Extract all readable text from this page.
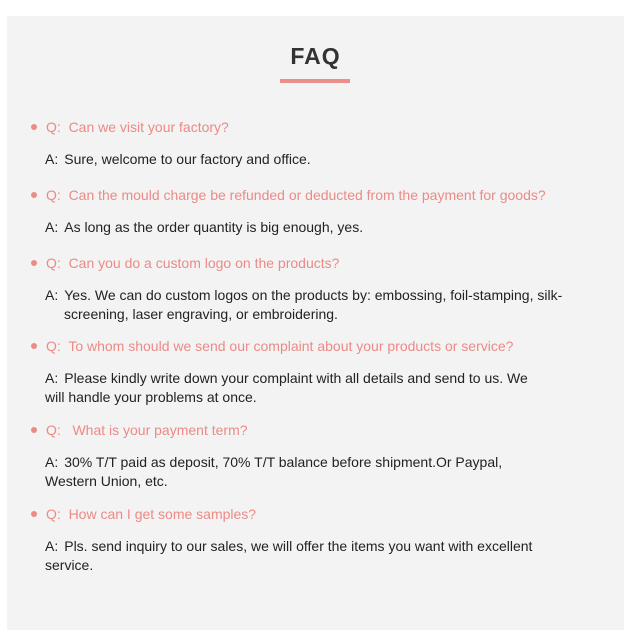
FAQ
Q: Can we visit your factory?
A: Sure, welcome to our factory and office.
Q: Can the mould charge be refunded or deducted from the payment for goods?
A: As long as the order quantity is big enough, yes.
Q: Can you do a custom logo on the products?
A: Yes. We can do custom logos on the products by: embossing, foil-stamping, silk-screening, laser engraving, or embroidering.
Q: To whom should we send our complaint about your products or service?
A: Please kindly write down your complaint with all details and send to us. We will handle your problems at once.
Q: What is your payment term?
A: 30% T/T paid as deposit, 70% T/T balance before shipment.Or Paypal, Western Union, etc.
Q: How can I get some samples?
A: Pls. send inquiry to our sales, we will offer the items you want with excellent service.
